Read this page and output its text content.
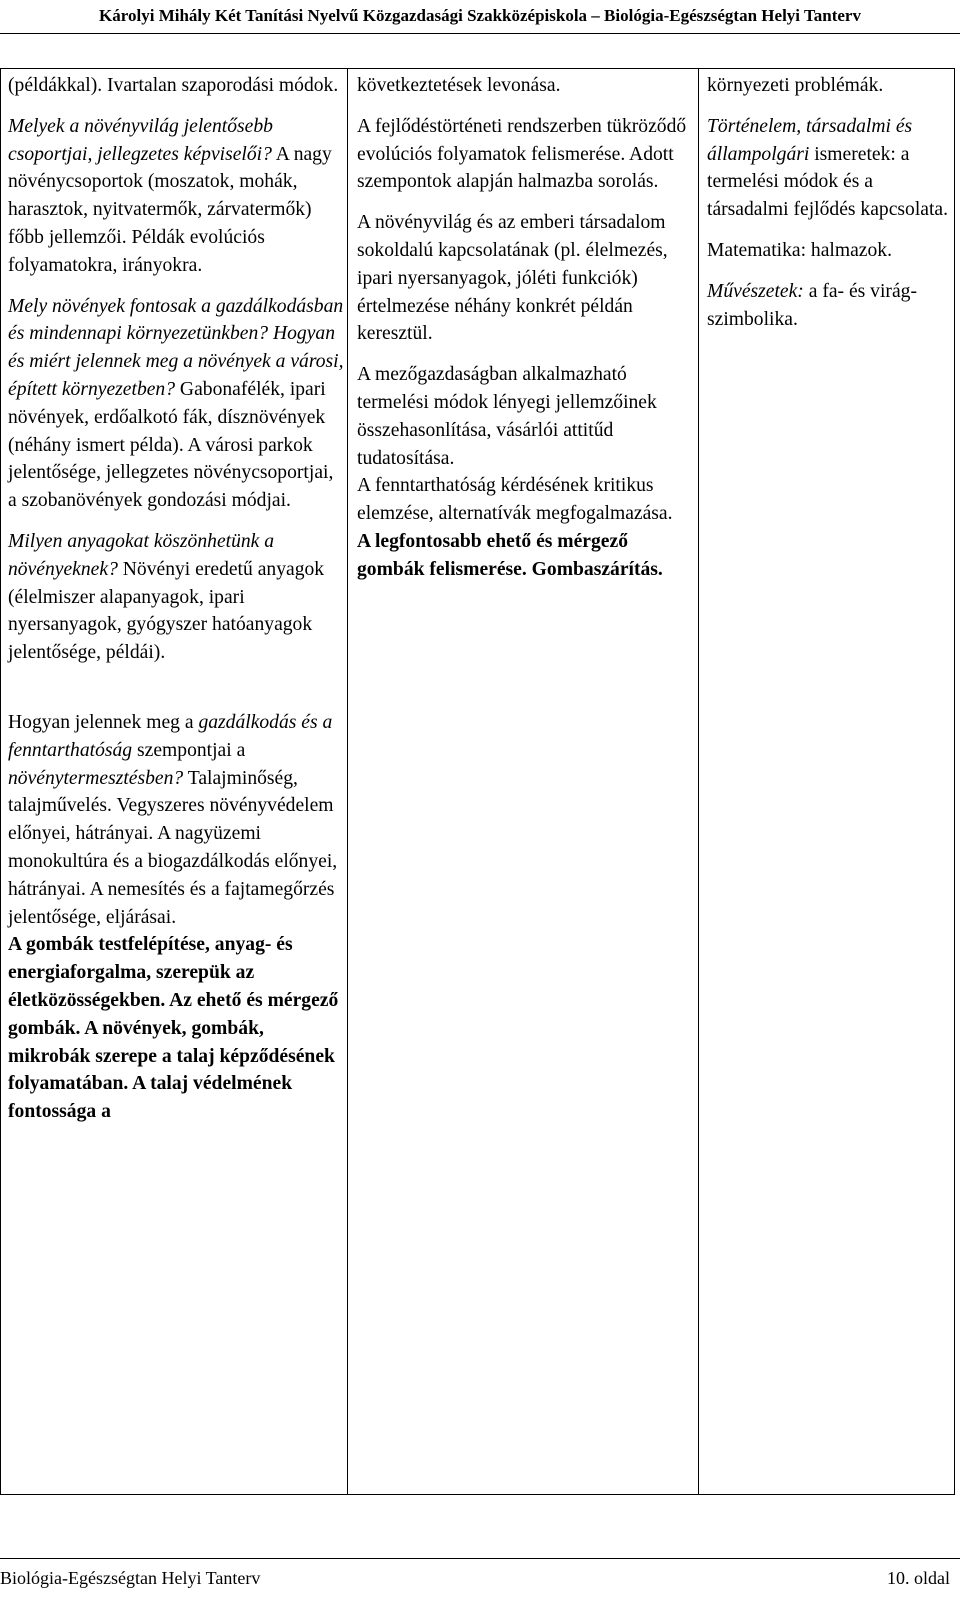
Károlyi Mihály Két Tanítási Nyelvű Közgazdasági Szakközépiskola – Biológia-Egészségtan Helyi Tanterv

(példákkal). Ivartalan szaporodási módok.

Melyek a növényvilág jelentősebb csoportjai, jellegzetes képviselői? A nagy növénycsoportok (moszatok, mohák, harasztok, nyitvatermők, zárvatermők) főbb jellemzői. Példák evolúciós folyamatokra, irányokra.

Mely növények fontosak a gazdálkodásban és mindennapi környezetünkben? Hogyan és miért jelennek meg a növények a városi, épített környezetben? Gabonafélék, ipari növények, erdőalkotó fák, dísznövények (néhány ismert példa). A városi parkok jelentősége, jellegzetes növénycsoportjai, a szobanövények gondozási módjai.

Milyen anyagokat köszönhetünk a növényeknek? Növényi eredetű anyagok (élelmiszer alapanyagok, ipari nyersanyagok, gyógyszer hatóanyagok jelentősége, példái).

Hogyan jelennek meg a gazdálkodás és a fenntarthatóság szempontjai a növénytermesztésben? Talajminőség, talajművelés. Vegyszeres növényvédelem előnyei, hátrányai. A nagyüzemi monokultúra és a biogazdálkodás előnyei, hátrányai. A nemesítés és a fajtamegőrzés jelentősége, eljárásai.

A gombák testfelépítése, anyag- és energiaforgalma, szerepük az életközösségekben. Az ehető és mérgező gombák. A növények, gombák, mikrobák szerepe a talaj képződésének folyamatában. A talaj védelmének fontossága a

következtetések levonása.

A fejlődéstörténeti rendszerben tükröződő evolúciós folyamatok felismerése. Adott szempontok alapján halmazba sorolás.

A növényvilág és az emberi társadalom sokoldalú kapcsolatának (pl. élelmezés, ipari nyersanyagok, jóléti funkciók) értelmezése néhány konkrét példán keresztül.

A mezőgazdaságban alkalmazható termelési módok lényegi jellemzőinek összehasonlítása, vásárlói attitűd tudatosítása.

A fenntarthatóság kérdésének kritikus elemzése, alternatívák megfogalmazása.

A legfontosabb ehető és mérgező gombák felismerése. Gombaszárítás.

környezeti problémák.

Történelem, társadalmi és állampolgári ismeretek: a termelési módok és a társadalmi fejlődés kapcsolata.

Matematika: halmazok.

Művészetek: a fa- és virág-szimbolika.

Biológia-Egészségtan Helyi Tanterv	10. oldal
